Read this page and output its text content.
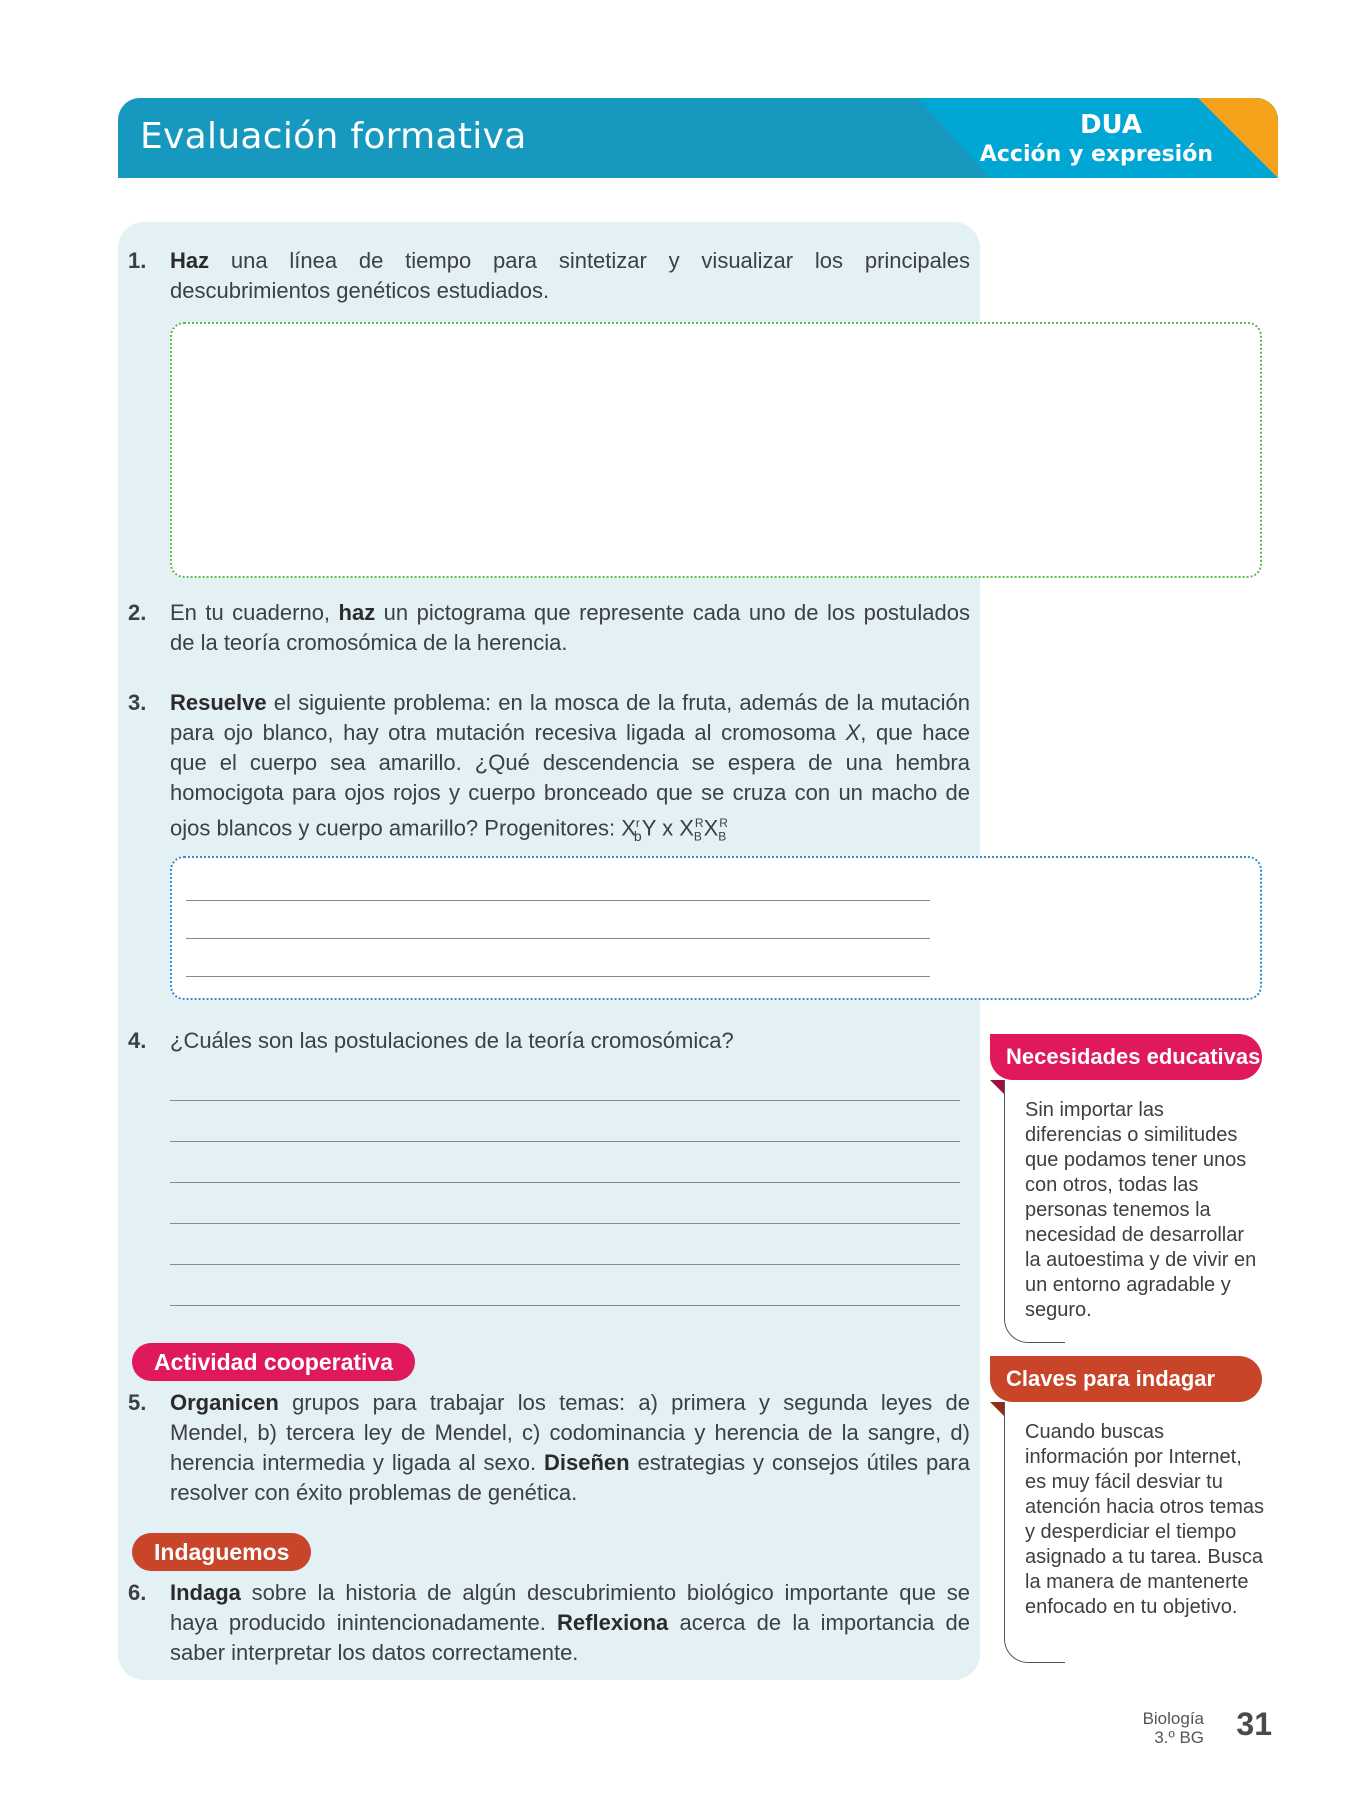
Evaluación formativa	DUA
Acción y expresión
1. Haz una línea de tiempo para sintetizar y visualizar los principales descubrimientos genéticos estudiados.
2. En tu cuaderno, haz un pictograma que represente cada uno de los postulados de la teoría cromosómica de la herencia.
3. Resuelve el siguiente problema: en la mosca de la fruta, además de la mutación para ojo blanco, hay otra mutación recesiva ligada al cromosoma X, que hace que el cuerpo sea amarillo. ¿Qué descendencia se espera de una hembra homocigota para ojos rojos y cuerpo bronceado que se cruza con un macho de ojos blancos y cuerpo amarillo? Progenitores: $X^r_bY$ x $X_B^RX_B^R$
4. ¿Cuáles son las postulaciones de la teoría cromosómica?
Actividad cooperativa
5. Organicen grupos para trabajar los temas: a) primera y segunda leyes de Mendel, b) tercera ley de Mendel, c) codominancia y herencia de la sangre, d) herencia intermedia y ligada al sexo. Diseñen estrategias y consejos útiles para resolver con éxito problemas de genética.
Indaguemos
6. Indaga sobre la historia de algún descubrimiento biológico importante que se haya producido inintencionadamente. Reflexiona acerca de la importancia de saber interpretar los datos correctamente.
Necesidades educativas
Sin importar las diferencias o similitudes que podamos tener unos con otros, todas las personas tenemos la necesidad de desarrollar la autoestima y de vivir en un entorno agradable y seguro.
Claves para indagar
Cuando buscas información por Internet, es muy fácil desviar tu atención hacia otros temas y desperdiciar el tiempo asignado a tu tarea. Busca la manera de mantenerte enfocado en tu objetivo.
Biología
3.º BG 31
